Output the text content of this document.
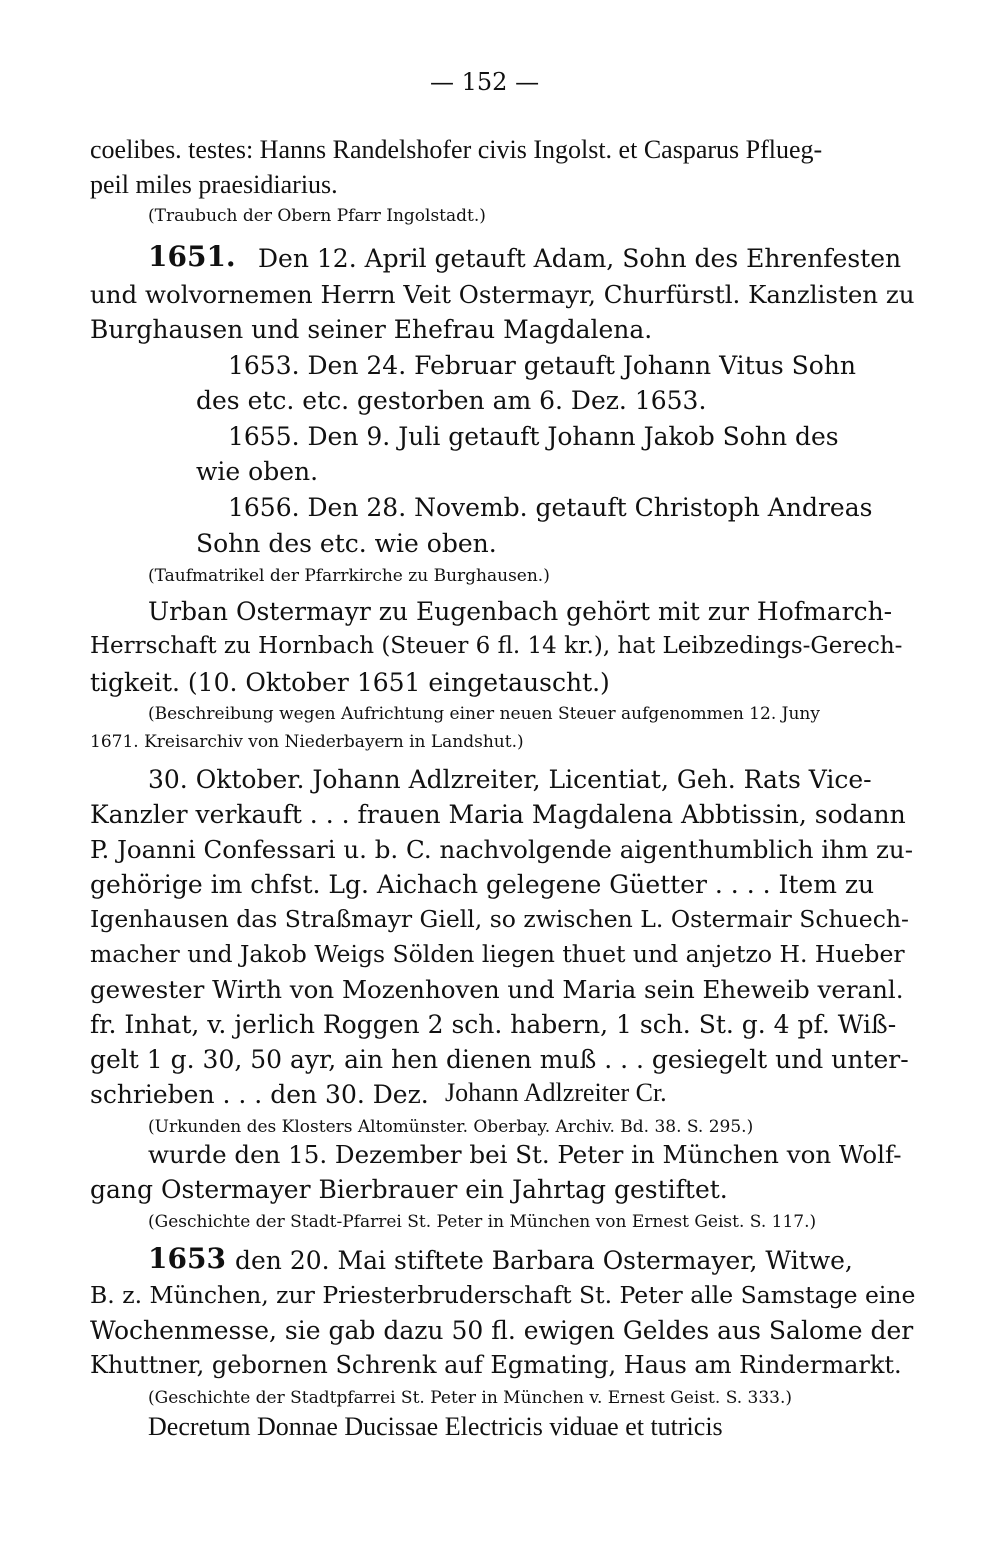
— 152 —
coelibes. testes: Hanns Randelshofer civis Ingolst. et Casparus Pflueg-
peil miles praesidiarius.
(Traubuch der Obern Pfarr Ingolstadt.)
1651. Den 12. April getauft Adam, Sohn des Ehrenfesten
und wolvornemen Herrn Veit Ostermayr, Churfürstl. Kanzlisten zu
Burghausen und seiner Ehefrau Magdalena.
1653. Den 24. Februar getauft Johann Vitus Sohn
des etc. etc. gestorben am 6. Dez. 1653.
1655. Den 9. Juli getauft Johann Jakob Sohn des
wie oben.
1656. Den 28. Novemb. getauft Christoph Andreas
Sohn des etc. wie oben.
(Taufmatrikel der Pfarrkirche zu Burghausen.)
Urban Ostermayr zu Eugenbach gehört mit zur Hofmarch-
Herrschaft zu Hornbach (Steuer 6 fl. 14 kr.), hat Leibzedings-Gerech-
tigkeit. (10. Oktober 1651 eingetauscht.)
(Beschreibung wegen Aufrichtung einer neuen Steuer aufgenommen 12. Juny
1671. Kreisarchiv von Niederbayern in Landshut.)
30. Oktober. Johann Adlzreiter, Licentiat, Geh. Rats Vice-
Kanzler verkauft . . . frauen Maria Magdalena Abbtissin, sodann
P. Joanni Confessari u. b. C. nachvolgende aigenthumblich ihm zu-
gehörige im chfst. Lg. Aichach gelegene Güetter . . . . Item zu
Igenhausen das Straßmayr Giell, so zwischen L. Ostermair Schuech-
macher und Jakob Weigs Sölden liegen thuet und anjetzo H. Hueber
gewester Wirth von Mozenhoven und Maria sein Eheweib veranl.
fr. Inhat, v. jerlich Roggen 2 sch. habern, 1 sch. St. g. 4 pf. Wiß-
gelt 1 g. 30, 50 ayr, ain hen dienen muß . . . gesiegelt und unter-
schrieben . . . den 30. Dez. Johann Adlzreiter Cr.
(Urkunden des Klosters Altomünster. Oberbay. Archiv. Bd. 38. S. 295.)
wurde den 15. Dezember bei St. Peter in München von Wolf-
gang Ostermayer Bierbrauer ein Jahrtag gestiftet.
(Geschichte der Stadt-Pfarrei St. Peter in München von Ernest Geist. S. 117.)
1653 den 20. Mai stiftete Barbara Ostermayer, Witwe,
B. z. München, zur Priesterbruderschaft St. Peter alle Samstage eine
Wochenmesse, sie gab dazu 50 fl. ewigen Geldes aus Salome der
Khuttner, gebornen Schrenk auf Egmating, Haus am Rindermarkt.
(Geschichte der Stadtpfarrei St. Peter in München v. Ernest Geist. S. 333.)
Decretum Donnae Ducissae Electricis viduae et tutricis
